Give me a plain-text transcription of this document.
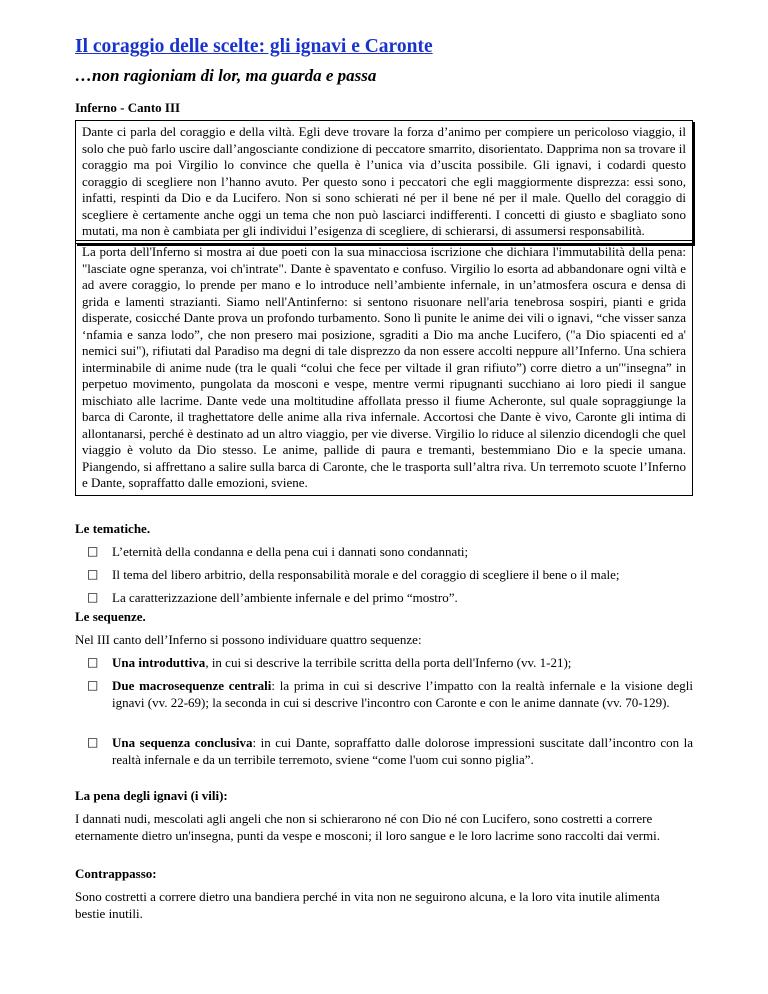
Il coraggio delle scelte: gli ignavi e Caronte
…non ragioniam di lor, ma guarda e passa
Inferno - Canto III
Dante ci parla del coraggio e della viltà. Egli deve trovare la forza d’animo per compiere un pericoloso viaggio, il solo che può farlo uscire dall’angosciante condizione di peccatore smarrito, disorientato. Dapprima non sa trovare il coraggio ma poi Virgilio lo convince che quella è l’unica via d’uscita possibile. Gli ignavi, i codardi questo coraggio di scegliere non l’hanno avuto. Per questo sono i peccatori che egli maggiormente disprezza: essi sono, infatti, respinti da Dio e da Lucifero. Non si sono schierati né per il bene né per il male. Quello del coraggio di scegliere è certamente anche oggi un tema che non può lasciarci indifferenti. I concetti di giusto e sbagliato sono mutati, ma non è cambiata per gli individui l’esigenza di scegliere, di schierarsi, di assumersi responsabilità.
La porta dell'Inferno si mostra ai due poeti con la sua minacciosa iscrizione che dichiara l'immutabilità della pena: "lasciate ogne speranza, voi ch'intrate". Dante è spaventato e confuso. Virgilio lo esorta ad abbandonare ogni viltà e ad avere coraggio, lo prende per mano e lo introduce nell’ambiente infernale, in un’atmosfera oscura e densa di grida e lamenti strazianti. Siamo nell'Antinferno: si sentono risuonare nell'aria tenebrosa sospiri, pianti e grida disperate, cosicché Dante prova un profondo turbamento. Sono lì punite le anime dei vili o ignavi, “che visser sanza ‘nfamia e sanza lodo”, che non presero mai posizione, sgraditi a Dio ma anche Lucifero, ("a Dio spiacenti ed a' nemici sui"), rifiutati dal Paradiso ma degni di tale disprezzo da non essere accolti neppure all’Inferno. Una schiera interminabile di anime nude (tra le quali “colui che fece per viltade il gran rifiuto”) corre dietro a un'"insegna” in perpetuo movimento, pungolata da mosconi e vespe, mentre vermi ripugnanti succhiano ai loro piedi il sangue mischiato alle lacrime. Dante vede una moltitudine affollata presso il fiume Acheronte, sul quale sopraggiunge la barca di Caronte, il traghettatore delle anime alla riva infernale. Accortosi che Dante è vivo, Caronte gli intima di allontanarsi, perché è destinato ad un altro viaggio, per vie diverse. Virgilio lo riduce al silenzio dicendogli che quel viaggio è voluto da Dio stesso. Le anime, pallide di paura e tremanti, bestemmiano Dio e la specie umana. Piangendo, si affrettano a salire sulla barca di Caronte, che le trasporta sull’altra riva. Un terremoto scuote l’Inferno e Dante, sopraffatto dalle emozioni, sviene.
Le tematiche.
□ L’eternità della condanna e della pena cui i dannati sono condannati;
□ Il tema del libero arbitrio, della responsabilità morale e del coraggio di scegliere il bene o il male;
□ La caratterizzazione dell’ambiente infernale e del primo “mostro”.
Le sequenze.
Nel III canto dell’Inferno si possono individuare quattro sequenze:
□ Una introduttiva, in cui si descrive la terribile scritta della porta dell'Inferno (vv. 1-21);
□ Due macrosequenze centrali: la prima in cui si descrive l’impatto con la realtà infernale e la visione degli ignavi (vv. 22-69); la seconda in cui si descrive l'incontro con Caronte e con le anime dannate (vv. 70-129).
□ Una sequenza conclusiva: in cui Dante, sopraffatto dalle dolorose impressioni suscitate dall’incontro con la realtà infernale e da un terribile terremoto, sviene “come l'uom cui sonno piglia”.
La pena degli ignavi (i vili):
I dannati nudi, mescolati agli angeli che non si schierarono né con Dio né con Lucifero, sono costretti a correre eternamente dietro un'insegna, punti da vespe e mosconi; il loro sangue e le loro lacrime sono raccolti dai vermi.
Contrappasso:
Sono costretti a correre dietro una bandiera perché in vita non ne seguirono alcuna, e la loro vita inutile alimenta bestie inutili.
